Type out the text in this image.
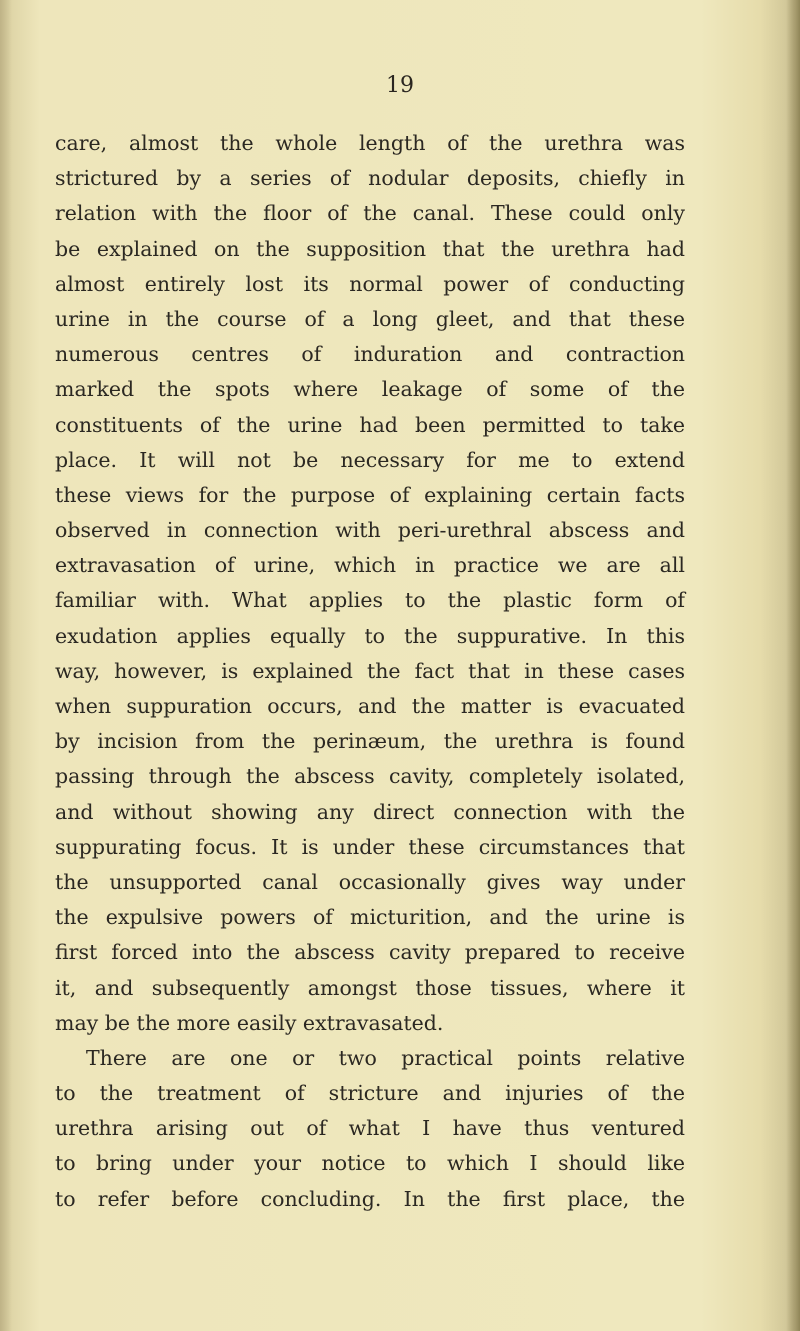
19
care, almost the whole length of the urethra was
strictured by a series of nodular deposits, chiefly in
relation with the floor of the canal. These could only
be explained on the supposition that the urethra had
almost entirely lost its normal power of conducting
urine in the course of a long gleet, and that these
numerous centres of induration and contraction
marked the spots where leakage of some of the
constituents of the urine had been permitted to take
place. It will not be necessary for me to extend
these views for the purpose of explaining certain facts
observed in connection with peri-urethral abscess and
extravasation of urine, which in practice we are all
familiar with. What applies to the plastic form of
exudation applies equally to the suppurative. In this
way, however, is explained the fact that in these cases
when suppuration occurs, and the matter is evacuated
by incision from the perinæum, the urethra is found
passing through the abscess cavity, completely isolated,
and without showing any direct connection with the
suppurating focus. It is under these circumstances that
the unsupported canal occasionally gives way under
the expulsive powers of micturition, and the urine is
first forced into the abscess cavity prepared to receive
it, and subsequently amongst those tissues, where it
may be the more easily extravasated.
There are one or two practical points relative
to the treatment of stricture and injuries of the
urethra arising out of what I have thus ventured
to bring under your notice to which I should like
to refer before concluding. In the first place, the
